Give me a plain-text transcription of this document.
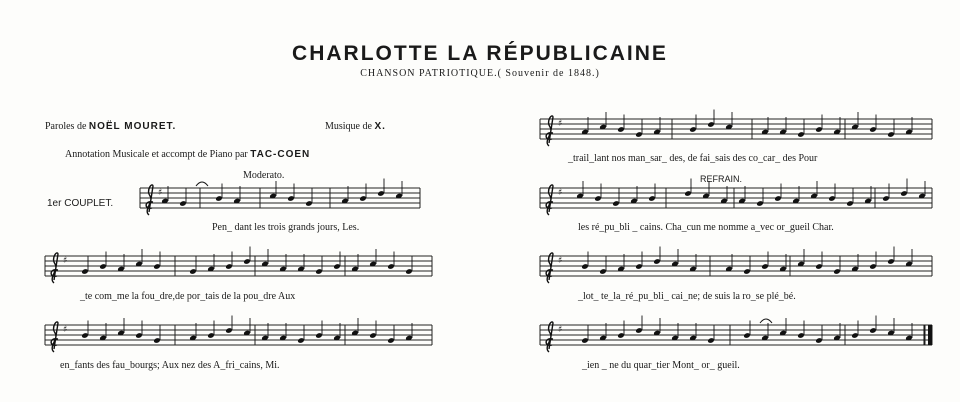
CHARLOTTE LA RÉPUBLICAINE
CHANSON PATRIOTIQUE.( Souvenir de 1848.)
Paroles de NOËL MOURET.	Musique de X.
Annotation Musicale et accompt de Piano par TAC-COEN
Moderato.
1er COUPLET.
REFRAIN.
Pen_ dant les trois grands jours, Les.
_te com_me la fou_dre,de por_tais de la pou_dre Aux
en_fants des fau_bourgs; Aux nez des A_fri_cains, Mi.
_trail_lant nos man_sar_ des, de fai_sais des co_car_ des Pour
les ré_pu_bli _ cains. Cha_cun me nomme a_vec or_gueil Char.
_lot_ te_la_ré_pu_bli_ cai_ne; de suis la ro_se plé_bé.
_ien _ ne du quar_tier Mont_ or_ gueil.
♯
♯
♯
♯
♯
♯
♯
